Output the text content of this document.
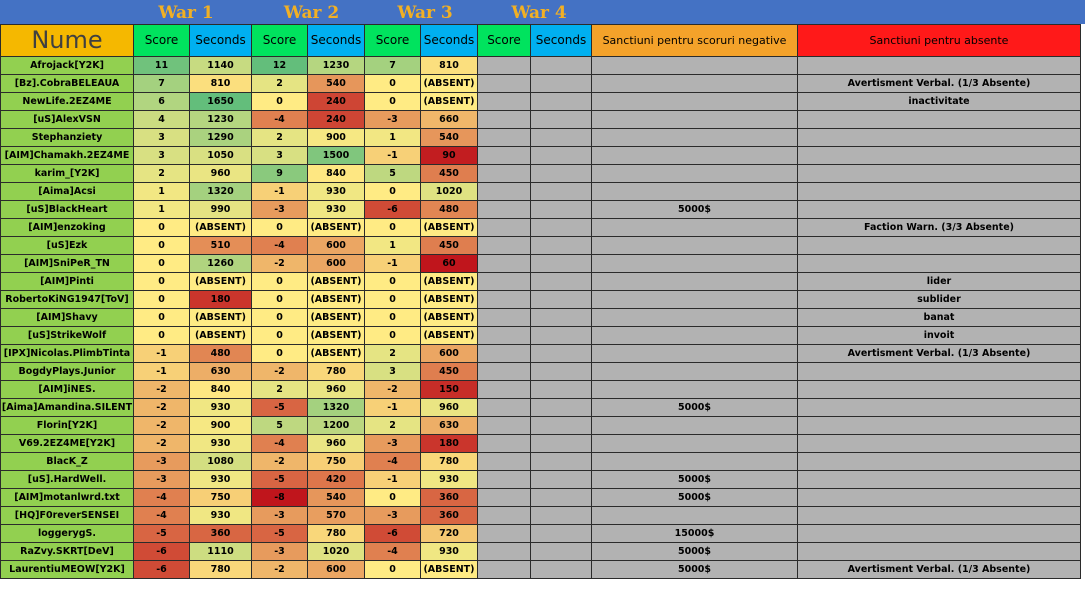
War 1	War 2	War 3	War 4
Nume	Score	Seconds	Score	Seconds	Score	Seconds	Score	Seconds	Sanctiuni pentru scoruri negative	Sanctiuni pentru absente
Afrojack[Y2K]	11	1140	12	1230	7	810				
[Bz].CobraBELEAUA	7	810	2	540	0	(ABSENT)				Avertisment Verbal. (1/3 Absente)
NewLife.2EZ4ME	6	1650	0	240	0	(ABSENT)				inactivitate
[uS]AlexVSN	4	1230	-4	240	-3	660				
Stephanziety	3	1290	2	900	1	540				
[AIM]Chamakh.2EZ4ME	3	1050	3	1500	-1	90				
karim_[Y2K]	2	960	9	840	5	450				
[Aima]Acsi	1	1320	-1	930	0	1020				
[uS]BlackHeart	1	990	-3	930	-6	480			5000$	
[AIM]enzoking	0	(ABSENT)	0	(ABSENT)	0	(ABSENT)				Faction Warn. (3/3 Absente)
[uS]Ezk	0	510	-4	600	1	450				
[AIM]SniPeR_TN	0	1260	-2	600	-1	60				
[AIM]Pinti	0	(ABSENT)	0	(ABSENT)	0	(ABSENT)				lider
RobertoKiNG1947[ToV]	0	180	0	(ABSENT)	0	(ABSENT)				sublider
[AIM]Shavy	0	(ABSENT)	0	(ABSENT)	0	(ABSENT)				banat
[uS]StrikeWolf	0	(ABSENT)	0	(ABSENT)	0	(ABSENT)				invoit
[IPX]Nicolas.PlimbTinta	-1	480	0	(ABSENT)	2	600				Avertisment Verbal. (1/3 Absente)
BogdyPlays.Junior	-1	630	-2	780	3	450				
[AIM]iNES.	-2	840	2	960	-2	150				
[Aima]Amandina.SILENT	-2	930	-5	1320	-1	960			5000$	
Florin[Y2K]	-2	900	5	1200	2	630				
V69.2EZ4ME[Y2K]	-2	930	-4	960	-3	180				
BlacK_Z	-3	1080	-2	750	-4	780				
[uS].HardWell.	-3	930	-5	420	-1	930			5000$	
[AIM]motanlwrd.txt	-4	750	-8	540	0	360			5000$	
[HQ]F0reverSENSEI	-4	930	-3	570	-3	360				
loggerygS.	-5	360	-5	780	-6	720			15000$	
RaZvy.SKRT[DeV]	-6	1110	-3	1020	-4	930			5000$	
LaurentiuMEOW[Y2K]	-6	780	-2	600	0	(ABSENT)			5000$	Avertisment Verbal. (1/3 Absente)
